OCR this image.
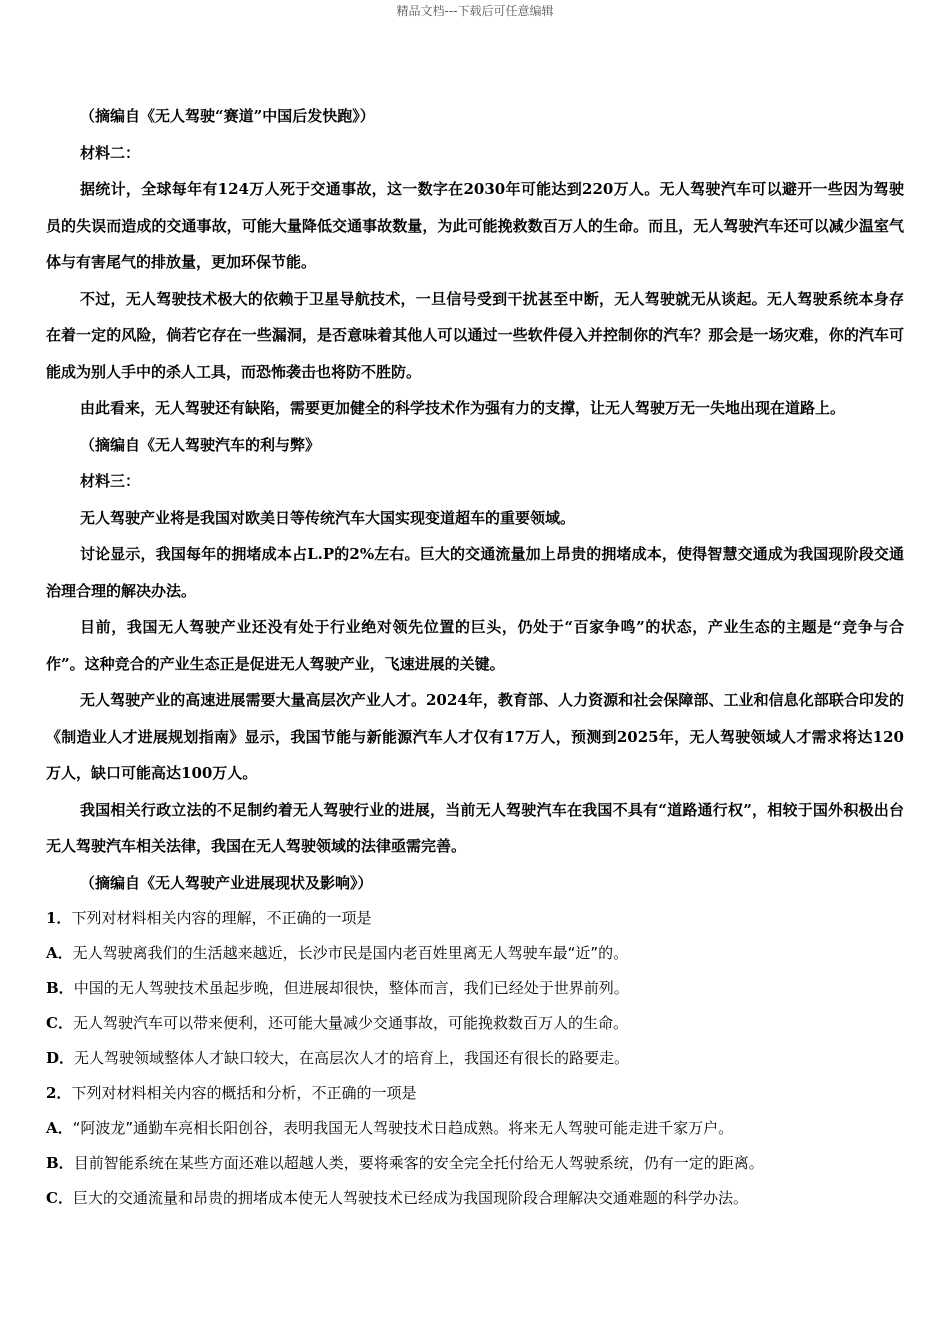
精品文档---下载后可任意编辑

（摘编自《无人驾驶“赛道”中国后发快跑》）

材料二：

据统计，全球每年有124万人死于交通事故，这一数字在2030年可能达到220万人。无人驾驶汽车可以避开一些因为驾驶员的失误而造成的交通事故，可能大量降低交通事故数量，为此可能挽救数百万人的生命。而且，无人驾驶汽车还可以减少温室气体与有害尾气的排放量，更加环保节能。

不过，无人驾驶技术极大的依赖于卫星导航技术，一旦信号受到干扰甚至中断，无人驾驶就无从谈起。无人驾驶系统本身存在着一定的风险，倘若它存在一些漏洞，是否意味着其他人可以通过一些软件侵入并控制你的汽车？那会是一场灾难，你的汽车可能成为别人手中的杀人工具，而恐怖袭击也将防不胜防。

由此看来，无人驾驶还有缺陷，需要更加健全的科学技术作为强有力的支撑，让无人驾驶万无一失地出现在道路上。

（摘编自《无人驾驶汽车的利与弊》

材料三：

无人驾驶产业将是我国对欧美日等传统汽车大国实现变道超车的重要领域。

讨论显示，我国每年的拥堵成本占L.P的2%左右。巨大的交通流量加上昂贵的拥堵成本，使得智慧交通成为我国现阶段交通治理合理的解决办法。

目前，我国无人驾驶产业还没有处于行业绝对领先位置的巨头，仍处于“百家争鸣”的状态，产业生态的主题是“竞争与合作”。这种竞合的产业生态正是促进无人驾驶产业，飞速进展的关键。

无人驾驶产业的高速进展需要大量高层次产业人才。2024年，教育部、人力资源和社会保障部、工业和信息化部联合印发的《制造业人才进展规划指南》显示，我国节能与新能源汽车人才仅有17万人，预测到2025年，无人驾驶领域人才需求将达120万人，缺口可能高达100万人。

我国相关行政立法的不足制约着无人驾驶行业的进展，当前无人驾驶汽车在我国不具有“道路通行权”，相较于国外积极出台无人驾驶汽车相关法律，我国在无人驾驶领域的法律亟需完善。

（摘编自《无人驾驶产业进展现状及影响》）

1．下列对材料相关内容的理解，不正确的一项是

A．无人驾驶离我们的生活越来越近，长沙市民是国内老百姓里离无人驾驶车最“近”的。

B．中国的无人驾驶技术虽起步晚，但进展却很快，整体而言，我们已经处于世界前列。

C．无人驾驶汽车可以带来便利，还可能大量减少交通事故，可能挽救数百万人的生命。

D．无人驾驶领域整体人才缺口较大，在高层次人才的培育上，我国还有很长的路要走。

2．下列对材料相关内容的概括和分析，不正确的一项是

A．“阿波龙”通勤车亮相长阳创谷，表明我国无人驾驶技术日趋成熟。将来无人驾驶可能走进千家万户。

B．目前智能系统在某些方面还难以超越人类，要将乘客的安全完全托付给无人驾驶系统，仍有一定的距离。

C．巨大的交通流量和昂贵的拥堵成本使无人驾驶技术已经成为我国现阶段合理解决交通难题的科学办法。
